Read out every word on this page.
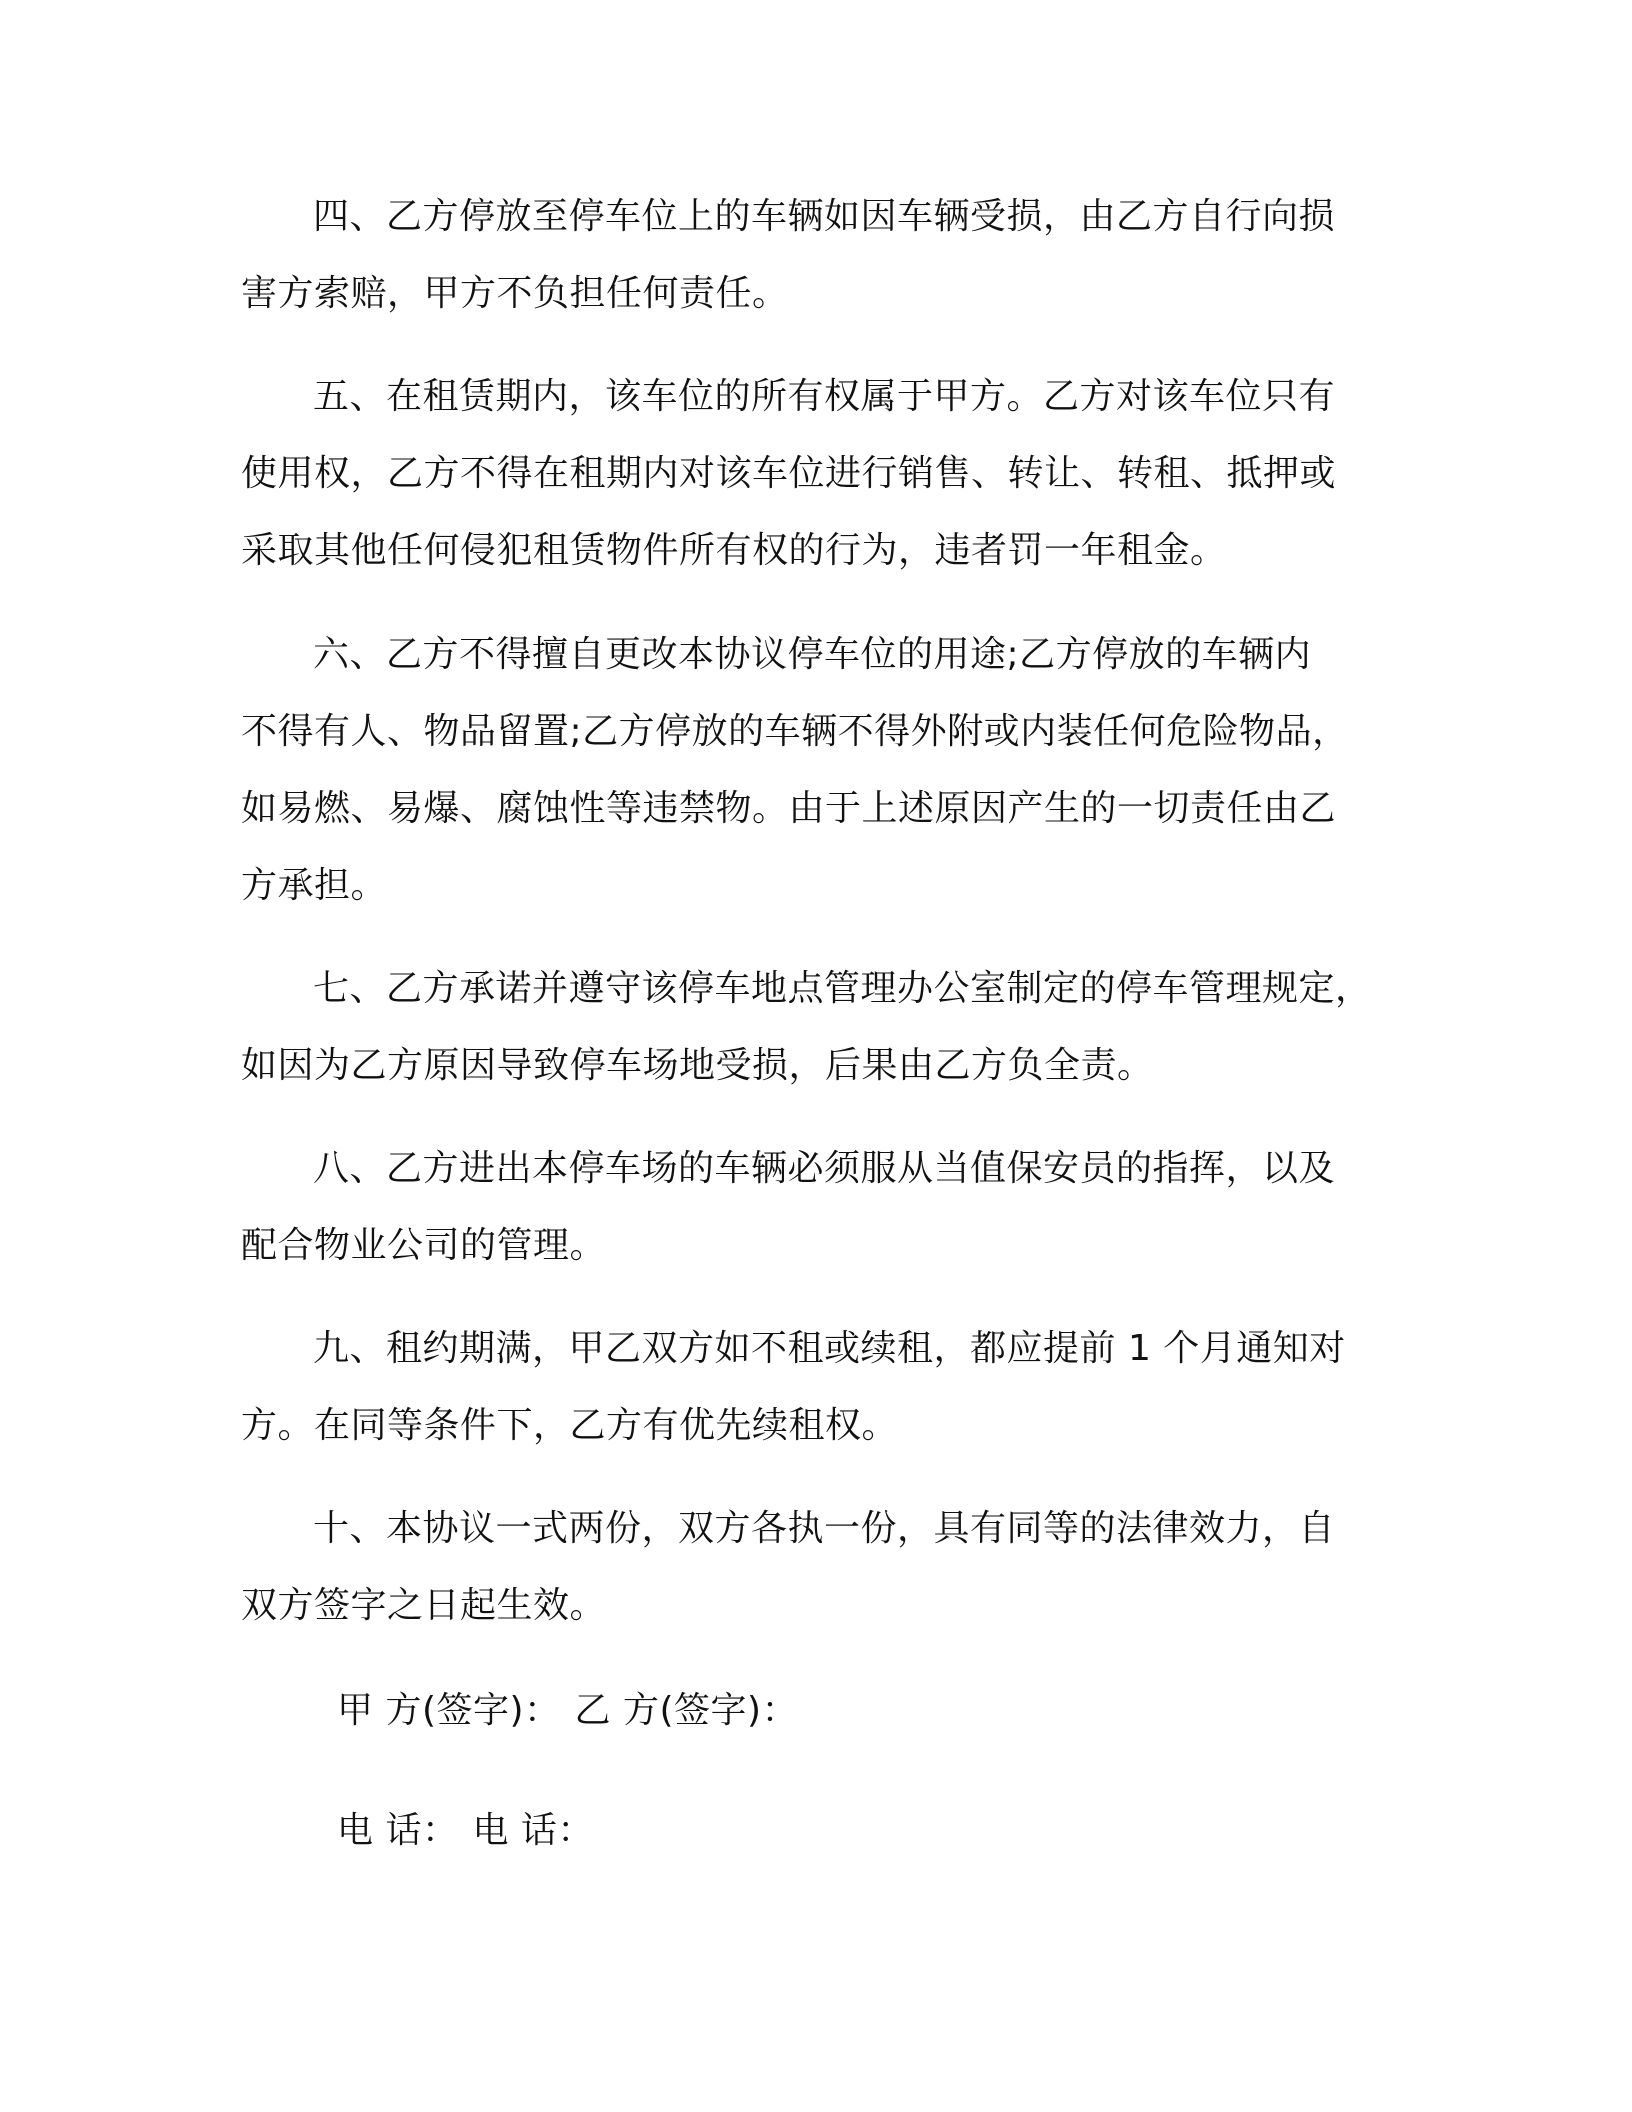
四、乙方停放至停车位上的车辆如因车辆受损，由乙方自行向损
害方索赔，甲方不负担任何责任。

五、在租赁期内，该车位的所有权属于甲方。乙方对该车位只有
使用权，乙方不得在租期内对该车位进行销售、转让、转租、抵押或
采取其他任何侵犯租赁物件所有权的行为，违者罚一年租金。

六、乙方不得擅自更改本协议停车位的用途;乙方停放的车辆内
不得有人、物品留置;乙方停放的车辆不得外附或内装任何危险物品，
如易燃、易爆、腐蚀性等违禁物。由于上述原因产生的一切责任由乙
方承担。

七、乙方承诺并遵守该停车地点管理办公室制定的停车管理规定，
如因为乙方原因导致停车场地受损，后果由乙方负全责。

八、乙方进出本停车场的车辆必须服从当值保安员的指挥，以及
配合物业公司的管理。

九、租约期满，甲乙双方如不租或续租，都应提前 1 个月通知对
方。在同等条件下，乙方有优先续租权。

十、本协议一式两份，双方各执一份，具有同等的法律效力，自
双方签字之日起生效。

甲 方(签字)： 乙 方(签字)：

电 话： 电 话：
